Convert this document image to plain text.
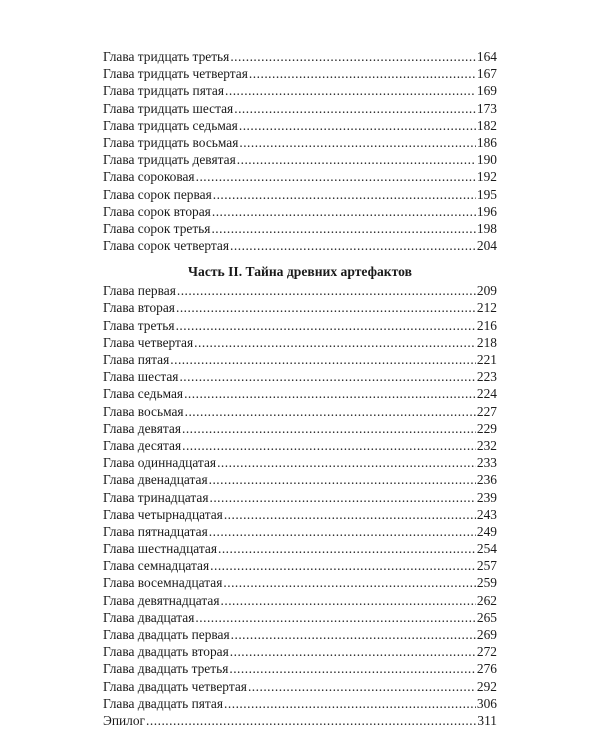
Глава тридцать третья .....	164
Глава тридцать четвертая .....	167
Глава тридцать пятая .....	169
Глава тридцать шестая .....	173
Глава тридцать седьмая .....	182
Глава тридцать восьмая .....	186
Глава тридцать девятая .....	190
Глава сороковая .....	192
Глава сорок первая .....	195
Глава сорок вторая .....	196
Глава сорок третья .....	198
Глава сорок четвертая .....	204
Часть II. Тайна древних артефактов
Глава первая .....	209
Глава вторая .....	212
Глава третья .....	216
Глава четвертая .....	218
Глава пятая .....	221
Глава шестая .....	223
Глава седьмая .....	224
Глава восьмая .....	227
Глава девятая .....	229
Глава десятая .....	232
Глава одиннадцатая .....	233
Глава двенадцатая .....	236
Глава тринадцатая .....	239
Глава четырнадцатая .....	243
Глава пятнадцатая .....	249
Глава шестнадцатая .....	254
Глава семнадцатая .....	257
Глава восемнадцатая .....	259
Глава девятнадцатая .....	262
Глава двадцатая .....	265
Глава двадцать первая .....	269
Глава двадцать вторая .....	272
Глава двадцать третья .....	276
Глава двадцать четвертая .....	292
Глава двадцать пятая .....	306
Эпилог .....	311
